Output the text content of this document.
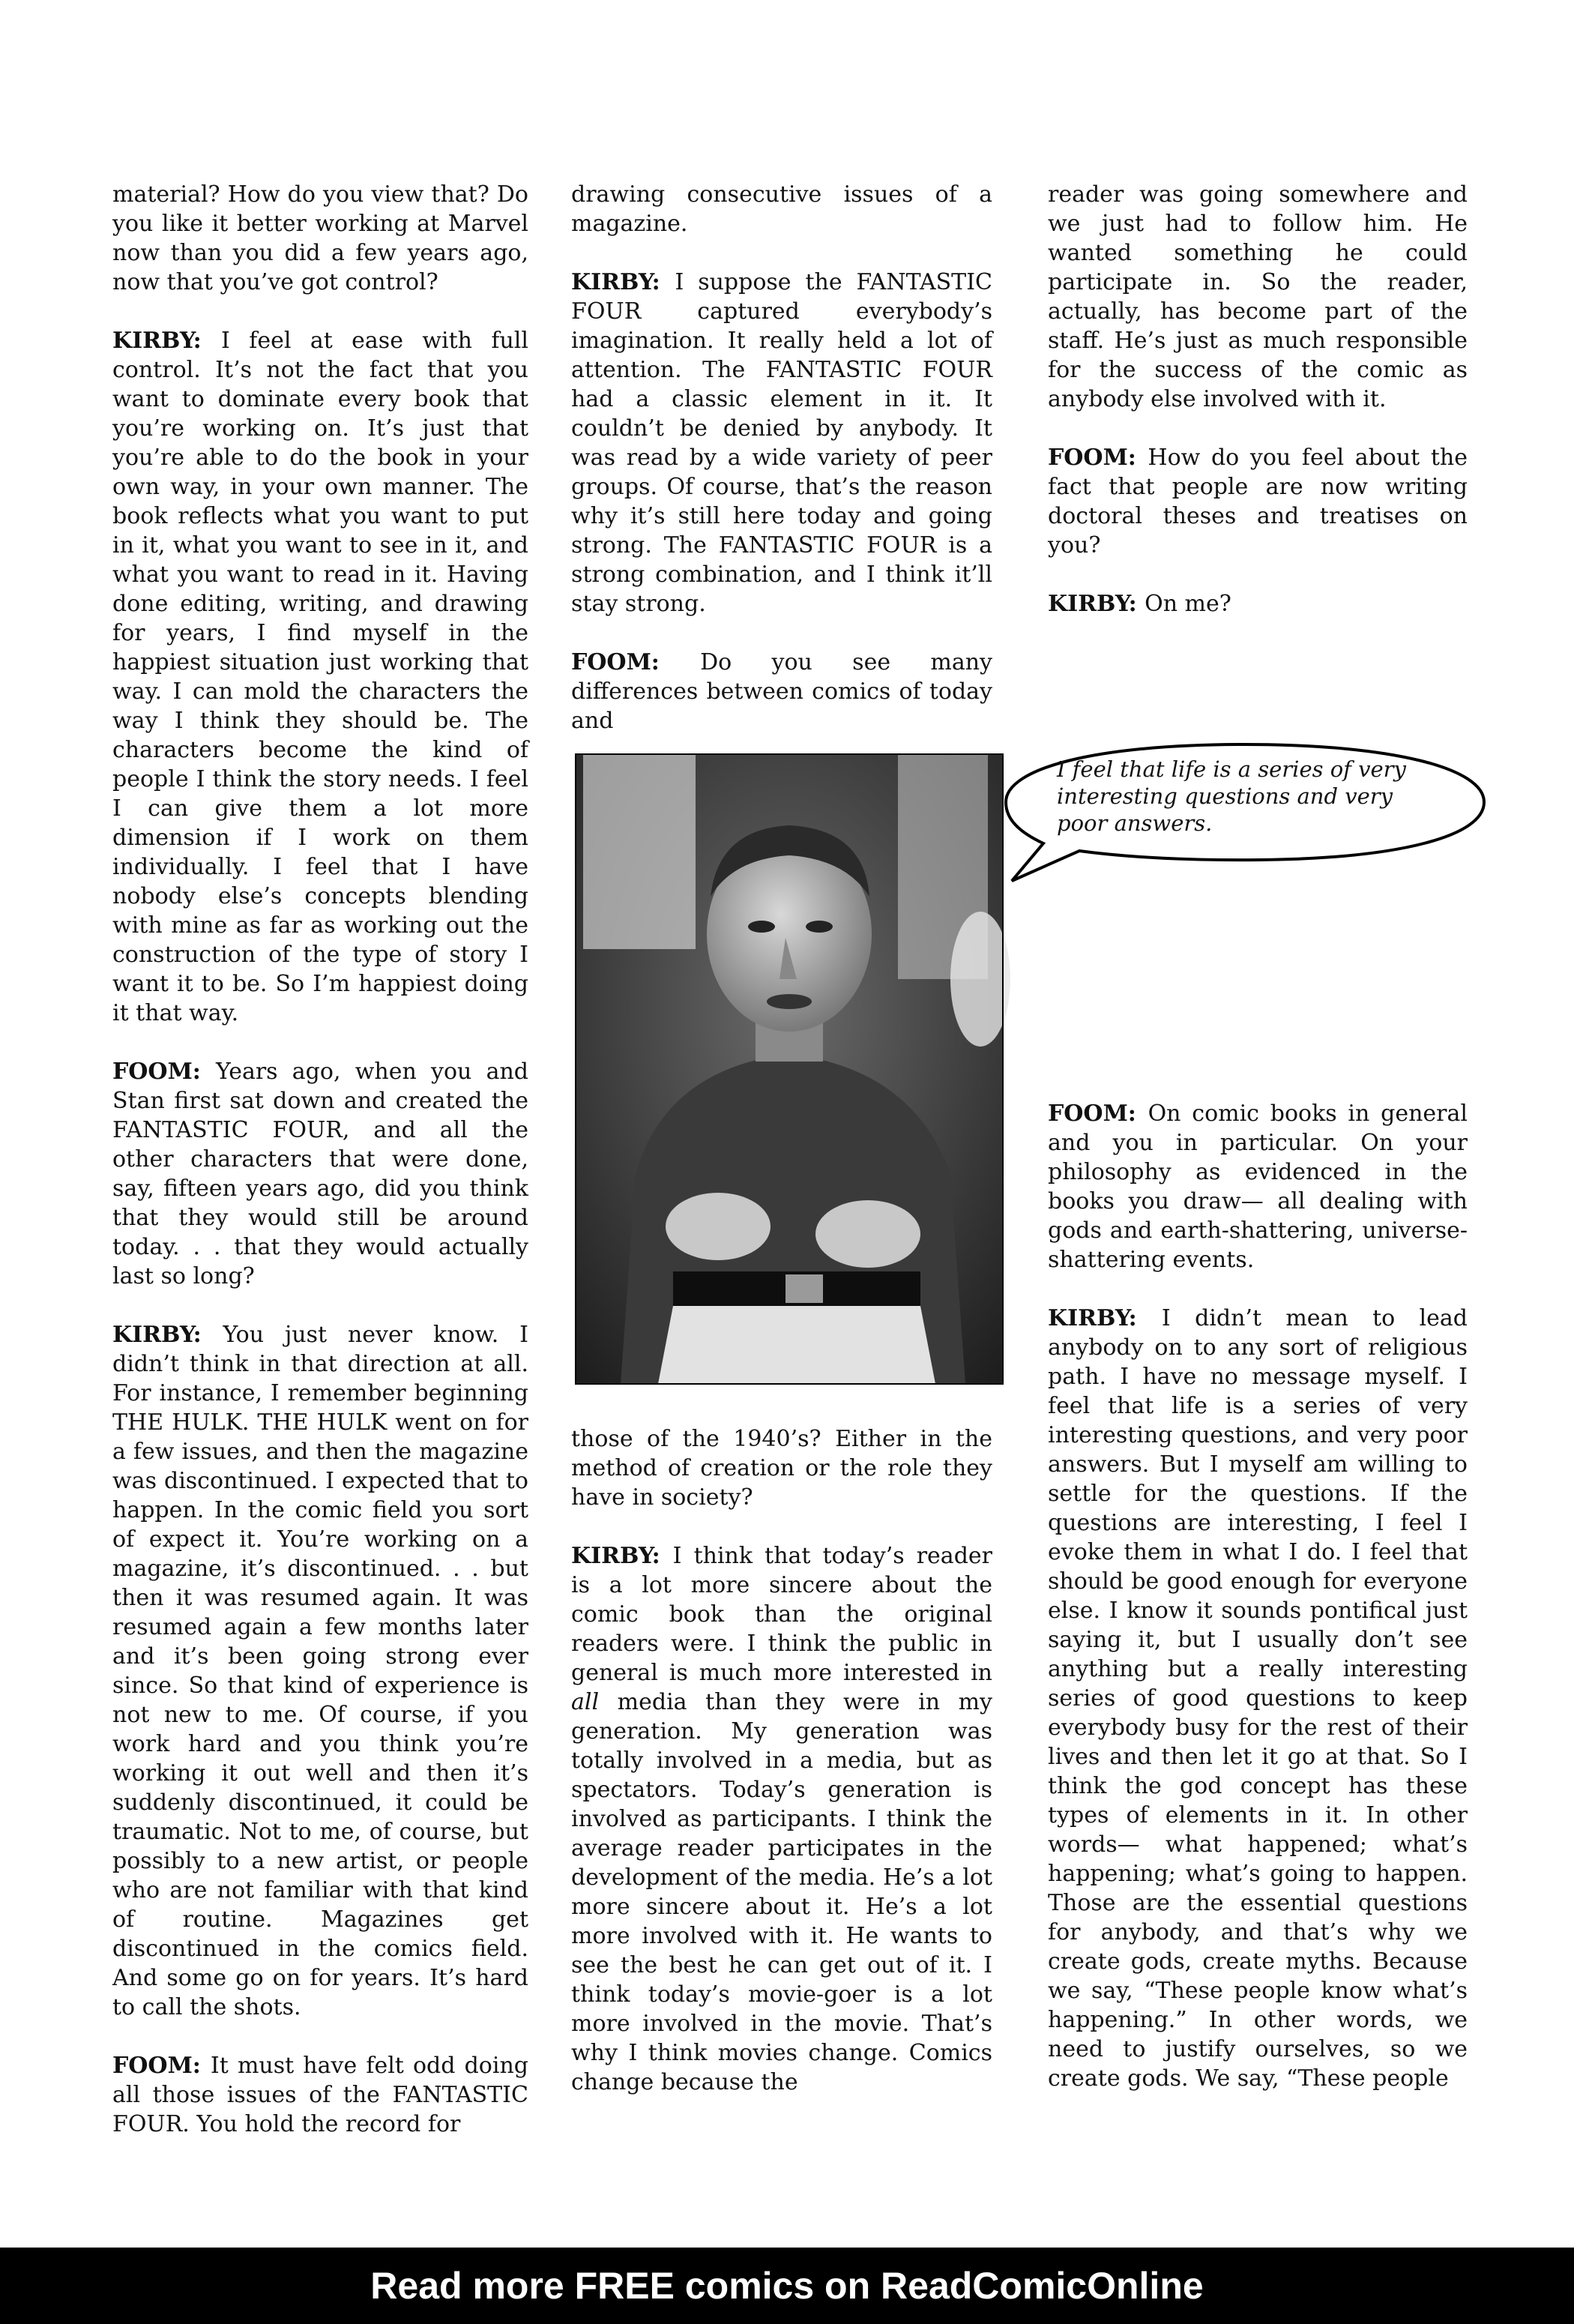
material? How do you view that? Do you like it better working at Marvel now than you did a few years ago, now that you’ve got control?

KIRBY: I feel at ease with full control. It’s not the fact that you want to dominate every book that you’re working on. It’s just that you’re able to do the book in your own way, in your own manner. The book reflects what you want to put in it, what you want to see in it, and what you want to read in it. Having done editing, writing, and drawing for years, I find myself in the happiest situation just working that way. I can mold the characters the way I think they should be. The characters become the kind of people I think the story needs. I feel I can give them a lot more dimension if I work on them individually. I feel that I have nobody else’s concepts blending with mine as far as working out the construction of the type of story I want it to be. So I’m happiest doing it that way.

FOOM: Years ago, when you and Stan first sat down and created the FANTASTIC FOUR, and all the other characters that were done, say, fifteen years ago, did you think that they would still be around today. . . that they would actually last so long?

KIRBY: You just never know. I didn’t think in that direction at all. For instance, I remember beginning THE HULK. THE HULK went on for a few issues, and then the magazine was discontinued. I expected that to happen. In the comic field you sort of expect it. You’re working on a magazine, it’s discontinued. . . but then it was resumed again. It was resumed again a few months later and it’s been going strong ever since. So that kind of experience is not new to me. Of course, if you work hard and you think you’re working it out well and then it’s suddenly discontinued, it could be traumatic. Not to me, of course, but possibly to a new artist, or people who are not familiar with that kind of routine. Magazines get discontinued in the comics field. And some go on for years. It’s hard to call the shots.

FOOM: It must have felt odd doing all those issues of the FANTASTIC FOUR. You hold the record for

drawing consecutive issues of a magazine.

KIRBY: I suppose the FANTASTIC FOUR captured everybody’s imagination. It really held a lot of attention. The FANTASTIC FOUR had a classic element in it. It couldn’t be denied by anybody. It was read by a wide variety of peer groups. Of course, that’s the reason why it’s still here today and going strong. The FANTASTIC FOUR is a strong combination, and I think it’ll stay strong.

FOOM: Do you see many differences between comics of today and

I feel that life is a series of very interesting questions and very poor answers.

those of the 1940’s? Either in the method of creation or the role they have in society?

KIRBY: I think that today’s reader is a lot more sincere about the comic book than the original readers were. I think the public in general is much more interested in all media than they were in my generation. My generation was totally involved in a media, but as spectators. Today’s generation is involved as participants. I think the average reader participates in the development of the media. He’s a lot more sincere about it. He’s a lot more involved with it. He wants to see the best he can get out of it. I think today’s movie-goer is a lot more involved in the movie. That’s why I think movies change. Comics change because the

reader was going somewhere and we just had to follow him. He wanted something he could participate in. So the reader, actually, has become part of the staff. He’s just as much responsible for the success of the comic as anybody else involved with it.

FOOM: How do you feel about the fact that people are now writing doctoral theses and treatises on you?

KIRBY: On me?

FOOM: On comic books in general and you in particular. On your philosophy as evidenced in the books you draw— all dealing with gods and earth-shattering, universe-shattering events.

KIRBY: I didn’t mean to lead anybody on to any sort of religious path. I have no message myself. I feel that life is a series of very interesting questions, and very poor answers. But I myself am willing to settle for the questions. If the questions are interesting, I feel I evoke them in what I do. I feel that should be good enough for everyone else. I know it sounds pontifical just saying it, but I usually don’t see anything but a really interesting series of good questions to keep everybody busy for the rest of their lives and then let it go at that. So I think the god concept has these types of elements in it. In other words— what happened; what’s happening; what’s going to happen. Those are the essential questions for anybody, and that’s why we create gods, create myths. Because we say, “These people know what’s happening.” In other words, we need to justify ourselves, so we create gods. We say, “These people

Read more FREE comics on ReadComicOnline
